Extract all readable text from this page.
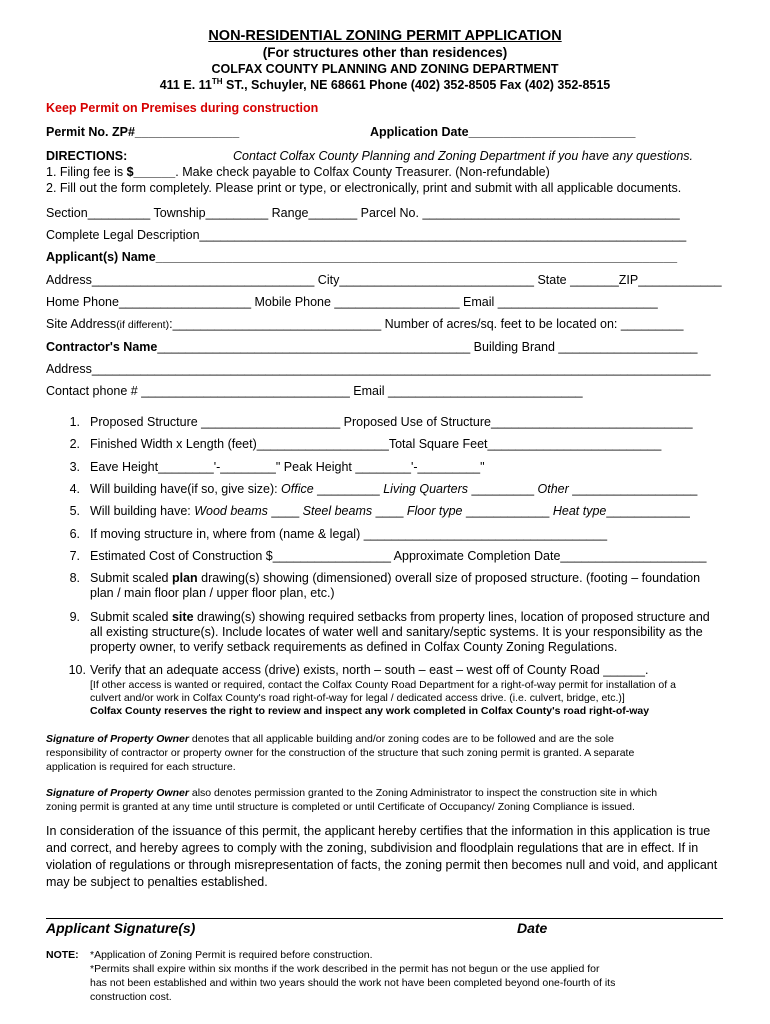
NON-RESIDENTIAL ZONING PERMIT APPLICATION
(For structures other than residences)
COLFAX COUNTY PLANNING AND ZONING DEPARTMENT
411 E. 11TH ST., Schuyler, NE 68661 Phone (402) 352-8505 Fax (402) 352-8515
Keep Permit on Premises during construction
Permit No. ZP#_______________	Application Date________________________
DIRECTIONS:	Contact Colfax County Planning and Zoning Department if you have any questions.
1. Filing fee is $______. Make check payable to Colfax County Treasurer. (Non-refundable)
2. Fill out the form completely. Please print or type, or electronically, print and submit with all applicable documents.
Section_________ Township_________ Range_______ Parcel No. _____________________________________
Complete Legal Description______________________________________________________________________
Applicant(s) Name___________________________________________________________________________
Address________________________________ City____________________________ State _______ZIP____________
Home Phone___________________ Mobile Phone __________________ Email _______________________
Site Address(if different):______________________________ Number of acres/sq. feet to be located on: _________
Contractor's Name_____________________________________________ Building Brand ____________________
Address_________________________________________________________________________________________
Contact phone # ______________________________ Email ____________________________
1. Proposed Structure ____________________ Proposed Use of Structure_____________________________
2. Finished Width x Length (feet)___________________Total Square Feet_________________________
3. Eave Height________'-________" Peak Height ________'-_________"
4. Will building have(if so, give size): Office _________ Living Quarters _________ Other __________________
5. Will building have: Wood beams ____ Steel beams ____ Floor type ____________ Heat type____________
6. If moving structure in, where from (name & legal) ___________________________________
7. Estimated Cost of Construction $_________________ Approximate Completion Date_____________________
8. Submit scaled plan drawing(s) showing (dimensioned) overall size of proposed structure. (footing – foundation
plan / main floor plan / upper floor plan, etc.)
9. Submit scaled site drawing(s) showing required setbacks from property lines, location of proposed structure and
all existing structure(s). Include locates of water well and sanitary/septic systems. It is your responsibility as the
property owner, to verify setback requirements as defined in Colfax County Zoning Regulations.
10. Verify that an adequate access (drive) exists, north – south – east – west off of County Road ______.
[If other access is wanted or required, contact the Colfax County Road Department for a right-of-way permit for installation of a
culvert and/or work in Colfax County's road right-of-way for legal / dedicated access drive. (i.e. culvert, bridge, etc.)]
Colfax County reserves the right to review and inspect any work completed in Colfax County's road right-of-way
Signature of Property Owner denotes that all applicable building and/or zoning codes are to be followed and are the sole
responsibility of contractor or property owner for the construction of the structure that such zoning permit is granted. A separate
application is required for each structure.
Signature of Property Owner also denotes permission granted to the Zoning Administrator to inspect the construction site in which
zoning permit is granted at any time until structure is completed or until Certificate of Occupancy/ Zoning Compliance is issued.
In consideration of the issuance of this permit, the applicant hereby certifies that the information in this application is true
and correct, and hereby agrees to comply with the zoning, subdivision and floodplain regulations that are in effect. If in
violation of regulations or through misrepresentation of facts, the zoning permit then becomes null and void, and applicant
may be subject to penalties established.
Applicant Signature(s)	Date
NOTE: *Application of Zoning Permit is required before construction.
*Permits shall expire within six months if the work described in the permit has not begun or the use applied for
has not been established and within two years should the work not have been completed beyond one-fourth of its
construction cost.
